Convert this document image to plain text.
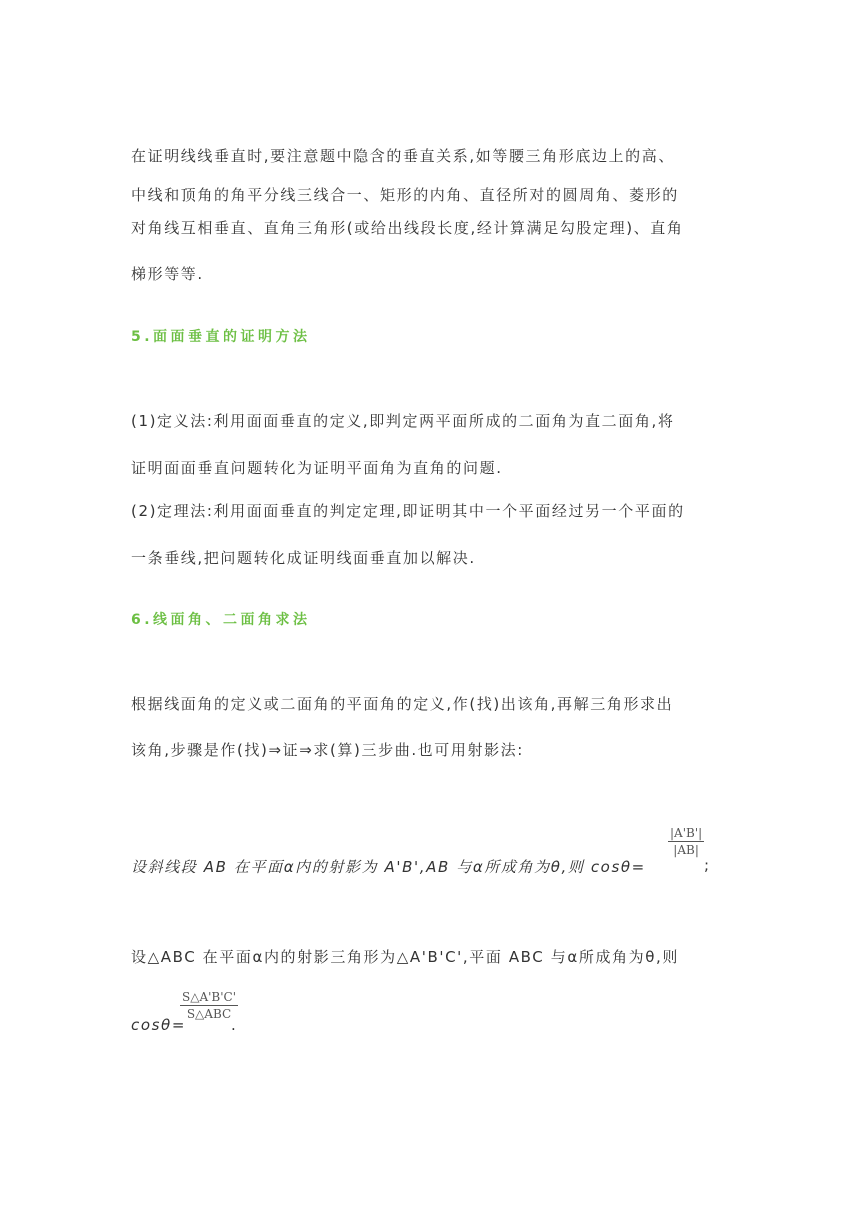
在证明线线垂直时,要注意题中隐含的垂直关系,如等腰三角形底边上的高、
中线和顶角的角平分线三线合一、矩形的内角、直径所对的圆周角、菱形的
对角线互相垂直、直角三角形(或给出线段长度,经计算满足勾股定理)、直角
梯形等等.
5.面面垂直的证明方法
(1)定义法:利用面面垂直的定义,即判定两平面所成的二面角为直二面角,将
证明面面垂直问题转化为证明平面角为直角的问题.
(2)定理法:利用面面垂直的判定定理,即证明其中一个平面经过另一个平面的
一条垂线,把问题转化成证明线面垂直加以解决.
6.线面角、二面角求法
根据线面角的定义或二面角的平面角的定义,作(找)出该角,再解三角形求出
该角,步骤是作(找)⇒证⇒求(算)三步曲.也可用射影法:
设斜线段 AB 在平面α内的射影为 A'B',AB 与α所成角为θ,则 cosθ=
|A'B'|
|AB|
;
设△ABC 在平面α内的射影三角形为△A'B'C',平面 ABC 与α所成角为θ,则
cosθ=
S△A'B'C'
S△ABC
.
